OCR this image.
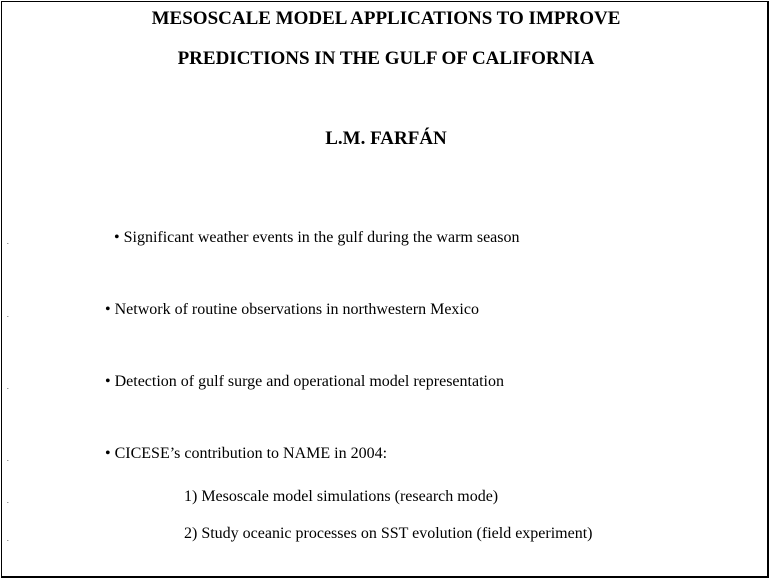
MESOSCALE MODEL APPLICATIONS TO IMPROVE
PREDICTIONS IN THE GULF OF CALIFORNIA
L.M. FARFÁN
.	• Significant weather events in the gulf during the warm season
.	• Network of routine observations in northwestern Mexico
.	• Detection of gulf surge and operational model representation
.	• CICESE’s contribution to NAME in 2004:
.	1) Mesoscale model simulations (research mode)
.	2) Study oceanic processes on SST evolution (field experiment)
